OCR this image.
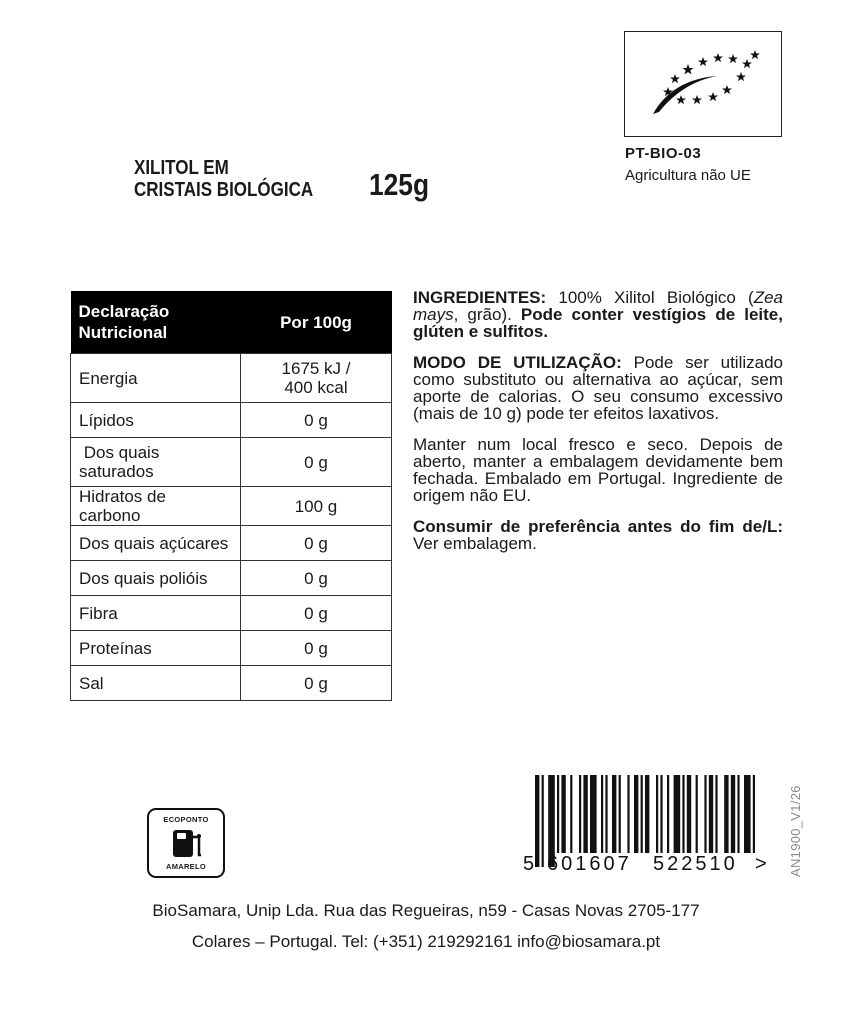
PT-BIO-03
Agricultura não UE
XILITOL EM
CRISTAIS BIOLÓGICA	125g
Declaração
Nutricional	Por 100g
Energia	1675 kJ /
400 kcal
Lípidos	0 g
Dos quais
saturados	0 g
Hidratos de carbono	100 g
Dos quais açúcares	0 g
Dos quais polióis	0 g
Fibra	0 g
Proteínas	0 g
Sal	0 g

INGREDIENTES: 100% Xilitol Biológico (Zea mays, grão). Pode conter vestígios de leite, glúten e sulfitos.

MODO DE UTILIZAÇÃO: Pode ser utilizado como substituto ou alternativa ao açúcar, sem aporte de calorias. O seu consumo excessivo (mais de 10 g) pode ter efeitos laxativos.

Manter num local fresco e seco. Depois de aberto, manter a embalagem devidamente bem fechada. Embalado em Portugal. Ingrediente de origem não EU.

Consumir de preferência antes do fim de/L: Ver embalagem.

ECOPONTO
AMARELO	5 601607 522510 > AN1900_V1/26
BioSamara, Unip Lda. Rua das Regueiras, n59 - Casas Novas 2705-177
Colares – Portugal. Tel: (+351) 219292161 info@biosamara.pt
